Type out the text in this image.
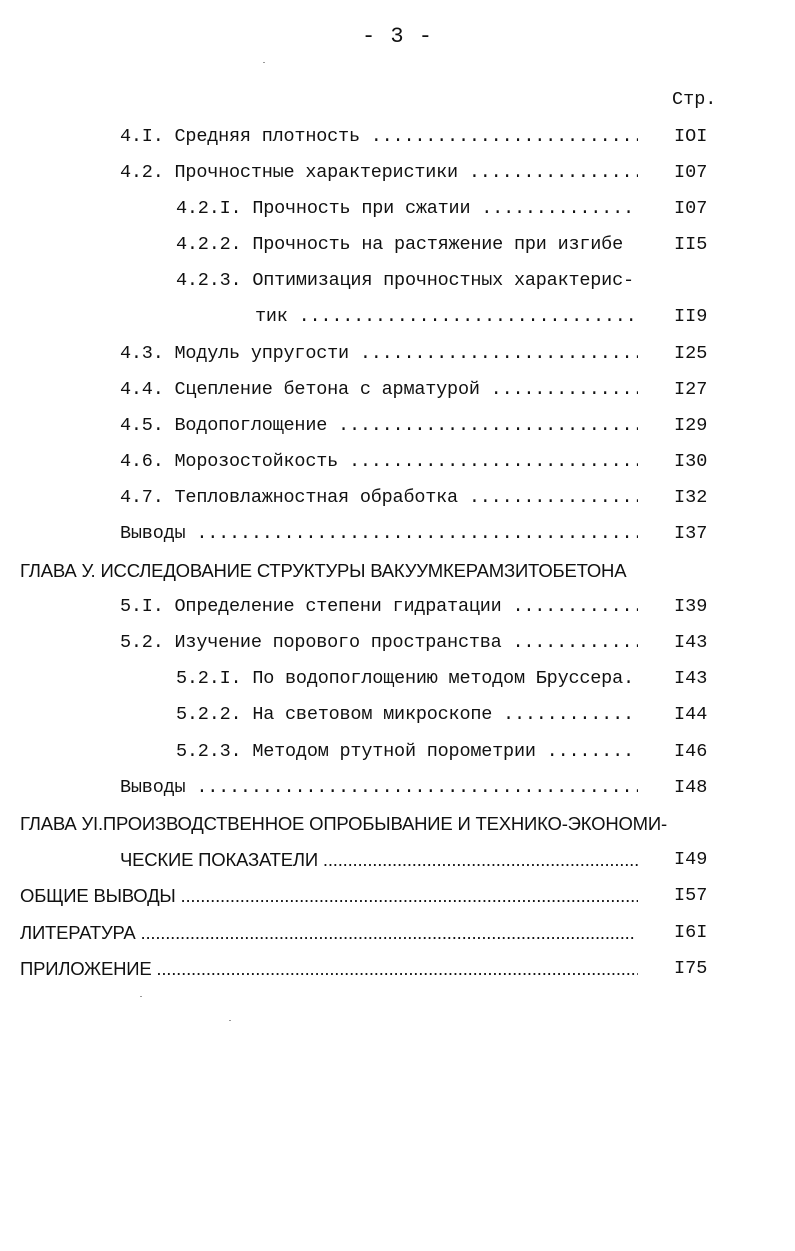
- 3 -
Стр.
4.I. Средняя плотность .....	IOI
4.2. Прочностные характеристики .....	I07
4.2.I. Прочность при сжатии .....	I07
4.2.2. Прочность на растяжение при изгибе	II5
4.2.3. Оптимизация прочностных характерис-
тик .....	II9
4.3. Модуль упругости .....	I25
4.4. Сцепление бетона с арматурой .....	I27
4.5. Водопоглощение .....	I29
4.6. Морозостойкость .....	I30
4.7. Тепловлажностная обработка .....	I32
Выводы .....	I37
ГЛАВА У. ИССЛЕДОВАНИЕ СТРУКТУРЫ ВАКУУМКЕРАМЗИТОБЕТОНА
5.I. Определение степени гидратации .....	I39
5.2. Изучение порового пространства .....	I43
5.2.I. По водопоглощению методом Бруссера. I43
5.2.2. На световом микроскопе .....	I44
5.2.3. Методом ртутной порометрии .....	I46
Выводы .....	I48
ГЛАВА УI.ПРОИЗВОДСТВЕННОЕ ОПРОБЫВАНИЕ И ТЕХНИКО-ЭКОНОМИ-
ЧЕСКИЕ ПОКАЗАТЕЛИ .....	I49
ОБЩИЕ ВЫВОДЫ .....	I57
ЛИТЕРАТУРА .....	I6I
ПРИЛОЖЕНИЕ .....	I75
